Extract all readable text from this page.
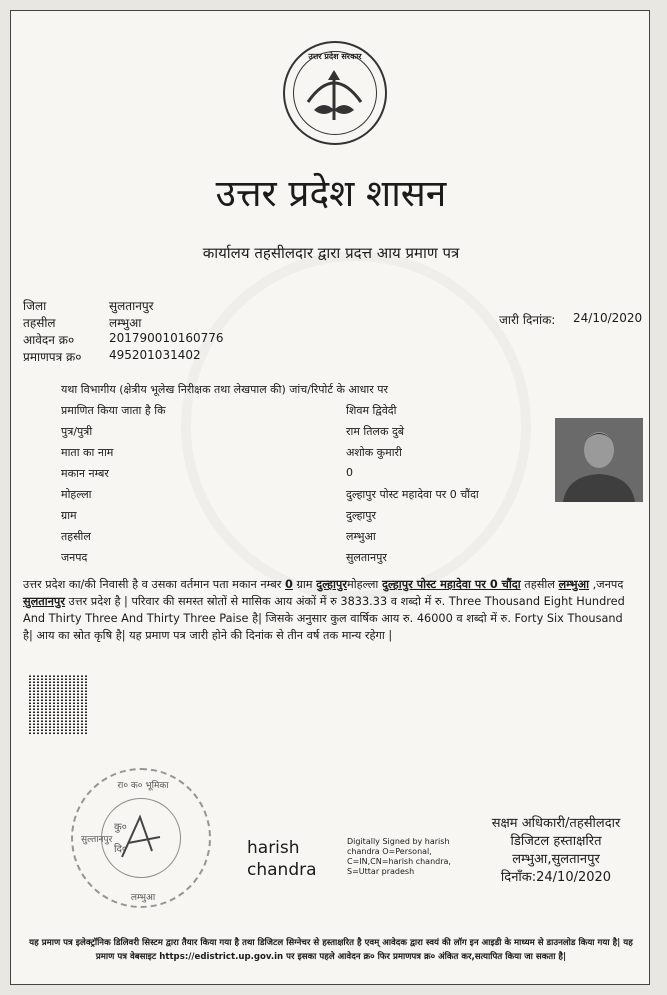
उत्तर प्रदेश सरकार
उत्तर प्रदेश शासन
कार्यालय तहसीलदार द्वारा प्रदत्त आय प्रमाण पत्र
जिला	सुलतानपुर
तहसील	लम्भुआ
आवेदन क्र०	201790010160776
प्रमाणपत्र क्र० 495201031402
जारी दिनांक: 24/10/2020
यथा विभागीय (क्षेत्रीय भूलेख निरीक्षक तथा लेखपाल की) जांच/रिपोर्ट के आधार पर
प्रमाणित किया जाता है कि	शिवम द्विवेदी
पुत्र/पुत्री	राम तिलक दुबे
माता का नाम	अशोक कुमारी
मकान नम्बर	0
मोहल्ला	दुल्हापुर पोस्ट महादेवा पर 0 चौंदा
ग्राम	दुल्हापुर
तहसील	लम्भुआ
जनपद	सुलतानपुर
उत्तर प्रदेश का/की निवासी है व उसका वर्तमान पता मकान नम्बर 0 ग्राम दुल्हापुरमोहल्ला दुल्हापुर पोस्ट महादेवा पर 0 चौंदा तहसील लम्भुआ ,जनपद सुलतानपुर उत्तर प्रदेश है | परिवार की समस्त स्रोतों से मासिक आय अंकों में रु 3833.33 व शब्दो में रु. Three Thousand Eight Hundred And Thirty Three And Thirty Three Paise है| जिसके अनुसार कुल वार्षिक आय रु. 46000 व शब्दो में रु. Forty Six Thousand है| आय का स्रोत कृषि है| यह प्रमाण पत्र जारी होने की दिनांक से तीन वर्ष तक मान्य रहेगा |
रा० क० भूमिका
सुल्तानपुर
कु०
दि०
लम्भुआ
harish
chandra
Digitally Signed by harish
chandra O=Personal,
C=IN,CN=harish chandra,
S=Uttar pradesh
सक्षम अधिकारी/तहसीलदार
डिजिटल हस्ताक्षरित
लम्भुआ,सुलतानपुर
दिनाँक:24/10/2020
यह प्रमाण पत्र इलेक्ट्रॉनिक डिलिवरी सिस्टम द्वारा तैयार किया गया है तथा डिजिटल सिग्नेचर से हस्ताक्षरित है एवम् आवेदक द्वारा स्वयं की लॉग इन आइडी के माध्यम से डाउनलोड किया गया है| यह प्रमाण पत्र वेबसाइट https://edistrict.up.gov.in पर इसका पहले आवेदन क्र० फिर प्रमाणपत्र क्र० अंकित कर,सत्यापित किया जा सकता है|
